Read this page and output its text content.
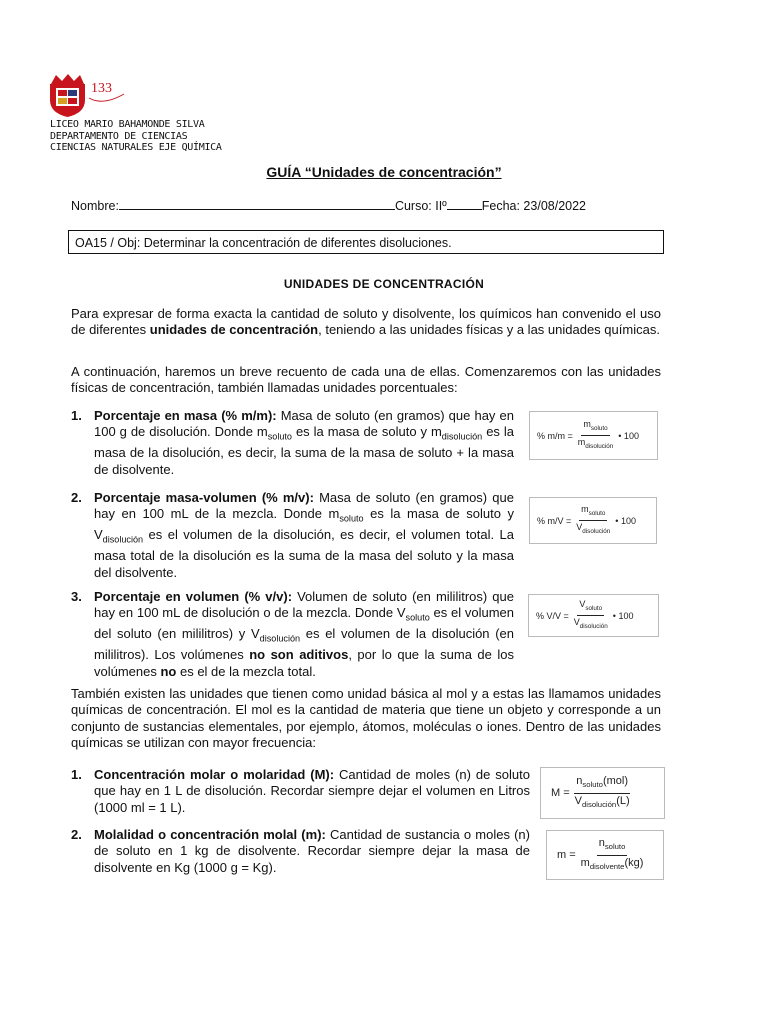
133
LICEO MARIO BAHAMONDE SILVA
DEPARTAMENTO DE CIENCIAS
CIENCIAS NATURALES EJE QUÍMICA
GUÍA “Unidades de concentración”
Nombre:	Curso: IIº	Fecha: 23/08/2022
OA15 / Obj: Determinar la concentración de diferentes disoluciones.
UNIDADES DE CONCENTRACIÓN
Para expresar de forma exacta la cantidad de soluto y disolvente, los químicos han convenido el uso de diferentes unidades de concentración, teniendo a las unidades físicas y a las unidades químicas.
A continuación, haremos un breve recuento de cada una de ellas. Comenzaremos con las unidades físicas de concentración, también llamadas unidades porcentuales:
1. Porcentaje en masa (% m/m): Masa de soluto (en gramos) que hay en 100 g de disolución. Donde $m_{soluto}$ es la masa de soluto y $m_{disolución}$ es la masa de la disolución, es decir, la suma de la masa de soluto + la masa de disolvente.
% $m/m = \frac{m_{soluto}}{m_{disolución}}$ • 100
2. Porcentaje masa-volumen (% m/v): Masa de soluto (en gramos) que hay en 100 mL de la mezcla. Donde $m_{soluto}$ es la masa de soluto y $V_{disolución}$ es el volumen de la disolución, es decir, el volumen total. La masa total de la disolución es la suma de la masa del soluto y la masa del disolvente.
% $m/V = \frac{m_{soluto}}{V_{disolución}}$ • 100
3. Porcentaje en volumen (% v/v): Volumen de soluto (en mililitros) que hay en 100 mL de disolución o de la mezcla. Donde $V_{soluto}$ es el volumen del soluto (en mililitros) y $V_{disolución}$ es el volumen de la disolución (en mililitros). Los volúmenes no son aditivos, por lo que la suma de los volúmenes no es el de la mezcla total.
% $V/V = \frac{V_{soluto}}{V_{disolución}}$ • 100
También existen las unidades que tienen como unidad básica al mol y a estas las llamamos unidades químicas de concentración. El mol es la cantidad de materia que tiene un objeto y corresponde a un conjunto de sustancias elementales, por ejemplo, átomos, moléculas o iones. Dentro de las unidades químicas se utilizan con mayor frecuencia:
1. Concentración molar o molaridad (M): Cantidad de moles (n) de soluto que hay en 1 L de disolución. Recordar siempre dejar el volumen en Litros (1000 ml = 1 L).
$M = \frac{n_{soluto}(mol)}{V_{disolución}(L)}$
2. Molalidad o concentración molal (m): Cantidad de sustancia o moles (n) de soluto en 1 kg de disolvente. Recordar siempre dejar la masa de disolvente en Kg (1000 g = Kg).
$m = \frac{n_{soluto}}{m_{disolvente}(kg)}$
